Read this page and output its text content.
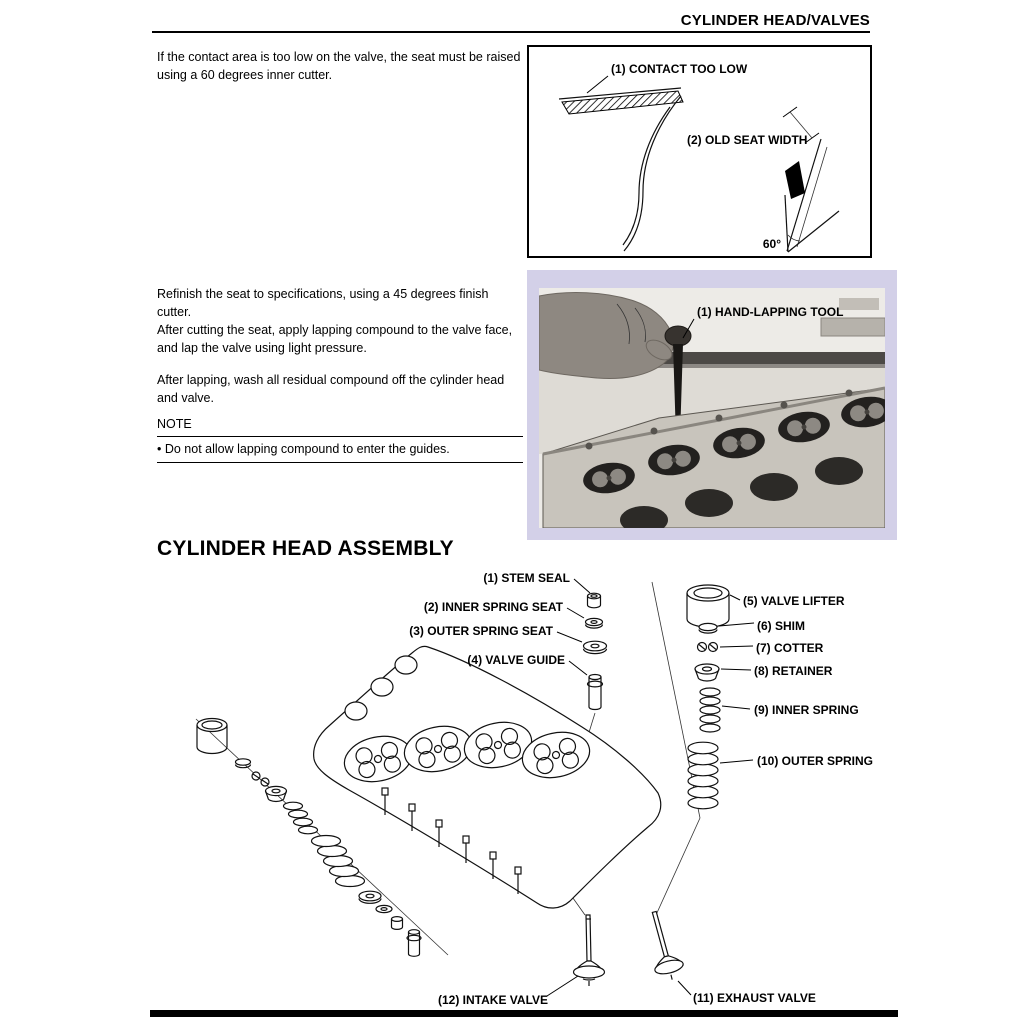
CYLINDER HEAD/VALVES
If the contact area is too low on the valve, the seat must be raised using a 60 degrees inner cutter.	(1) CONTACT TOO LOW
(2) OLD SEAT WIDTH
60°
Refinish the seat to specifications, using a 45 degrees finish cutter.
After cutting the seat, apply lapping compound to the valve face, and lap the valve using light pressure.
After lapping, wash all residual compound off the cylinder head and valve.
NOTE
• Do not allow lapping compound to enter the guides.
(1) HAND-LAPPING TOOL
CYLINDER HEAD ASSEMBLY
(1) STEM SEAL
(2) INNER SPRING SEAT
(3) OUTER SPRING SEAT
(4) VALVE GUIDE
(5) VALVE LIFTER
(6) SHIM
(7) COTTER
(8) RETAINER
(9) INNER SPRING
(10) OUTER SPRING
(12) INTAKE VALVE	(11) EXHAUST VALVE
